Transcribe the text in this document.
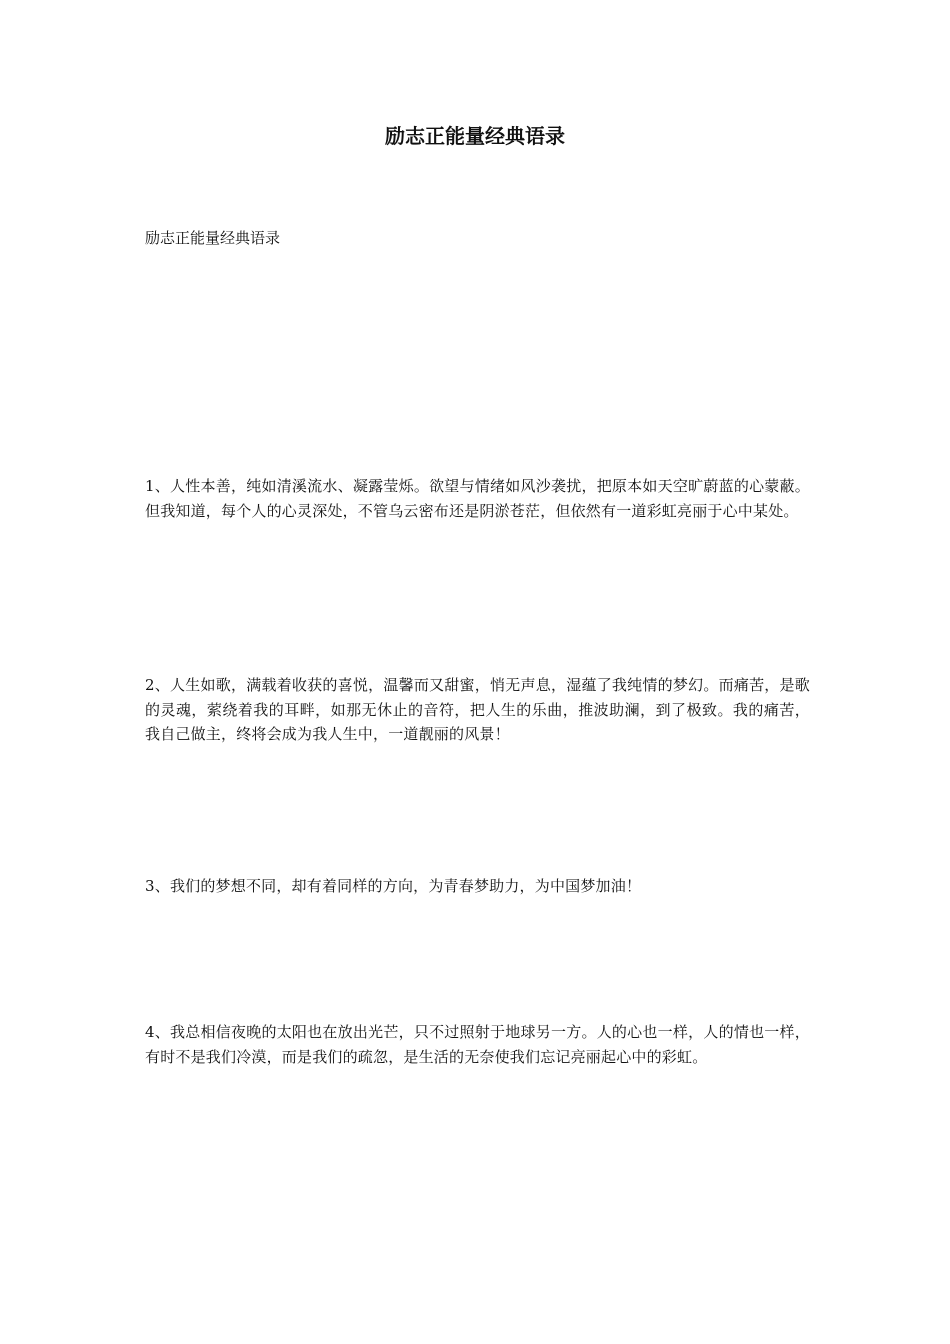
励志正能量经典语录

励志正能量经典语录

1、人性本善，纯如清溪流水、凝露莹烁。欲望与情绪如风沙袭扰，把原本如天空旷蔚蓝的心蒙蔽。但我知道，每个人的心灵深处，不管乌云密布还是阴淤苍茫，但依然有一道彩虹亮丽于心中某处。

2、人生如歌，满载着收获的喜悦，温馨而又甜蜜，悄无声息，湿蕴了我纯情的梦幻。而痛苦，是歌的灵魂，萦绕着我的耳畔，如那无休止的音符，把人生的乐曲，推波助澜，到了极致。我的痛苦，我自己做主，终将会成为我人生中，一道靓丽的风景！

3、我们的梦想不同，却有着同样的方向，为青春梦助力，为中国梦加油！

4、我总相信夜晚的太阳也在放出光芒，只不过照射于地球另一方。人的心也一样，人的情也一样，有时不是我们冷漠，而是我们的疏忽，是生活的无奈使我们忘记亮丽起心中的彩虹。
